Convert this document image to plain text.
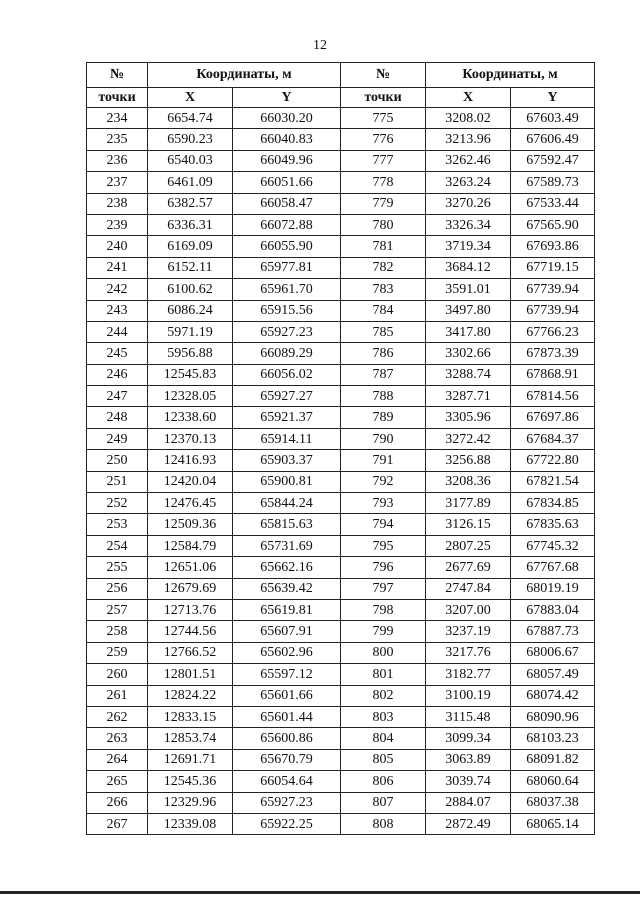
12
№	Координаты, м		№	Координаты, м	
точки	X	Y	точки	X	Y
234	6654.74	66030.20	775	3208.02	67603.49
235	6590.23	66040.83	776	3213.96	67606.49
236	6540.03	66049.96	777	3262.46	67592.47
237	6461.09	66051.66	778	3263.24	67589.73
238	6382.57	66058.47	779	3270.26	67533.44
239	6336.31	66072.88	780	3326.34	67565.90
240	6169.09	66055.90	781	3719.34	67693.86
241	6152.11	65977.81	782	3684.12	67719.15
242	6100.62	65961.70	783	3591.01	67739.94
243	6086.24	65915.56	784	3497.80	67739.94
244	5971.19	65927.23	785	3417.80	67766.23
245	5956.88	66089.29	786	3302.66	67873.39
246	12545.83	66056.02	787	3288.74	67868.91
247	12328.05	65927.27	788	3287.71	67814.56
248	12338.60	65921.37	789	3305.96	67697.86
249	12370.13	65914.11	790	3272.42	67684.37
250	12416.93	65903.37	791	3256.88	67722.80
251	12420.04	65900.81	792	3208.36	67821.54
252	12476.45	65844.24	793	3177.89	67834.85
253	12509.36	65815.63	794	3126.15	67835.63
254	12584.79	65731.69	795	2807.25	67745.32
255	12651.06	65662.16	796	2677.69	67767.68
256	12679.69	65639.42	797	2747.84	68019.19
257	12713.76	65619.81	798	3207.00	67883.04
258	12744.56	65607.91	799	3237.19	67887.73
259	12766.52	65602.96	800	3217.76	68006.67
260	12801.51	65597.12	801	3182.77	68057.49
261	12824.22	65601.66	802	3100.19	68074.42
262	12833.15	65601.44	803	3115.48	68090.96
263	12853.74	65600.86	804	3099.34	68103.23
264	12691.71	65670.79	805	3063.89	68091.82
265	12545.36	66054.64	806	3039.74	68060.64
266	12329.96	65927.23	807	2884.07	68037.38
267	12339.08	65922.25	808	2872.49	68065.14
